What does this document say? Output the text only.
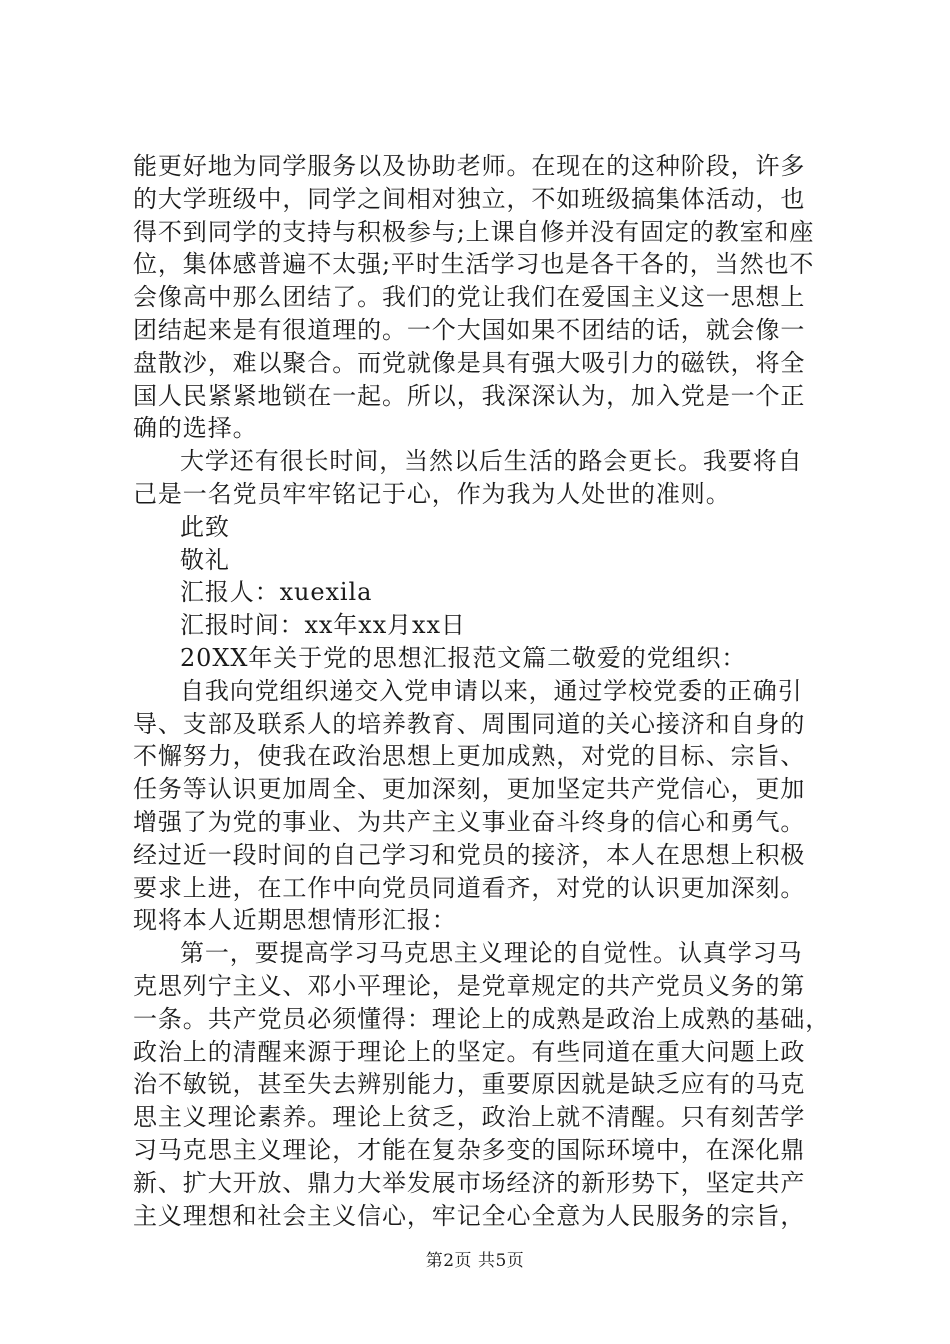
能更好地为同学服务以及协助老师。在现在的这种阶段，许多
的大学班级中，同学之间相对独立，不如班级搞集体活动，也
得不到同学的支持与积极参与;上课自修并没有固定的教室和座
位，集体感普遍不太强;平时生活学习也是各干各的，当然也不
会像高中那么团结了。我们的党让我们在爱国主义这一思想上
团结起来是有很道理的。一个大国如果不团结的话，就会像一
盘散沙，难以聚合。而党就像是具有强大吸引力的磁铁，将全
国人民紧紧地锁在一起。所以，我深深认为，加入党是一个正
确的选择。
大学还有很长时间，当然以后生活的路会更长。我要将自
己是一名党员牢牢铭记于心，作为我为人处世的准则。
此致
敬礼
汇报人：xuexila
汇报时间：xx年xx月xx日
20XX年关于党的思想汇报范文篇二敬爱的党组织：
自我向党组织递交入党申请以来，通过学校党委的正确引
导、支部及联系人的培养教育、周围同道的关心接济和自身的
不懈努力，使我在政治思想上更加成熟，对党的目标、宗旨、
任务等认识更加周全、更加深刻，更加坚定共产党信心，更加
增强了为党的事业、为共产主义事业奋斗终身的信心和勇气。
经过近一段时间的自己学习和党员的接济，本人在思想上积极
要求上进，在工作中向党员同道看齐，对党的认识更加深刻。
现将本人近期思想情形汇报：
第一，要提高学习马克思主义理论的自觉性。认真学习马
克思列宁主义、邓小平理论，是党章规定的共产党员义务的第
一条。共产党员必须懂得：理论上的成熟是政治上成熟的基础，
政治上的清醒来源于理论上的坚定。有些同道在重大问题上政
治不敏锐，甚至失去辨别能力，重要原因就是缺乏应有的马克
思主义理论素养。理论上贫乏，政治上就不清醒。只有刻苦学
习马克思主义理论，才能在复杂多变的国际环境中，在深化鼎
新、扩大开放、鼎力大举发展市场经济的新形势下，坚定共产
主义理想和社会主义信心，牢记全心全意为人民服务的宗旨，
第2页 共5页
